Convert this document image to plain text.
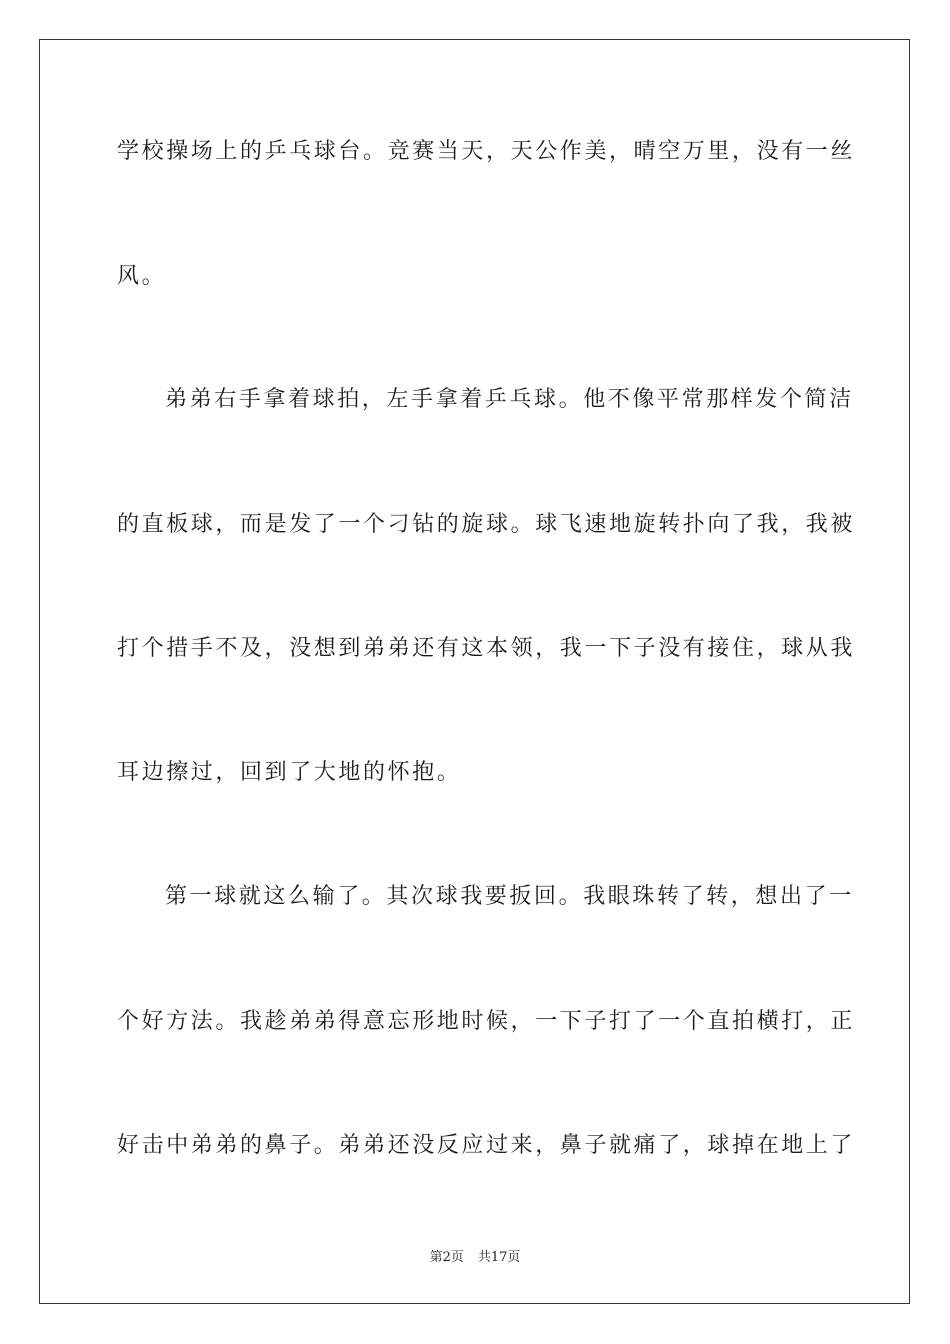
学校操场上的乒乓球台。竞赛当天，天公作美，晴空万里，没有一丝
风。
弟弟右手拿着球拍，左手拿着乒乓球。他不像平常那样发个简洁
的直板球，而是发了一个刁钻的旋球。球飞速地旋转扑向了我，我被
打个措手不及，没想到弟弟还有这本领，我一下子没有接住，球从我
耳边擦过，回到了大地的怀抱。
第一球就这么输了。其次球我要扳回。我眼珠转了转，想出了一
个好方法。我趁弟弟得意忘形地时候，一下子打了一个直拍横打，正
好击中弟弟的鼻子。弟弟还没反应过来，鼻子就痛了，球掉在地上了
第2页 共17页
